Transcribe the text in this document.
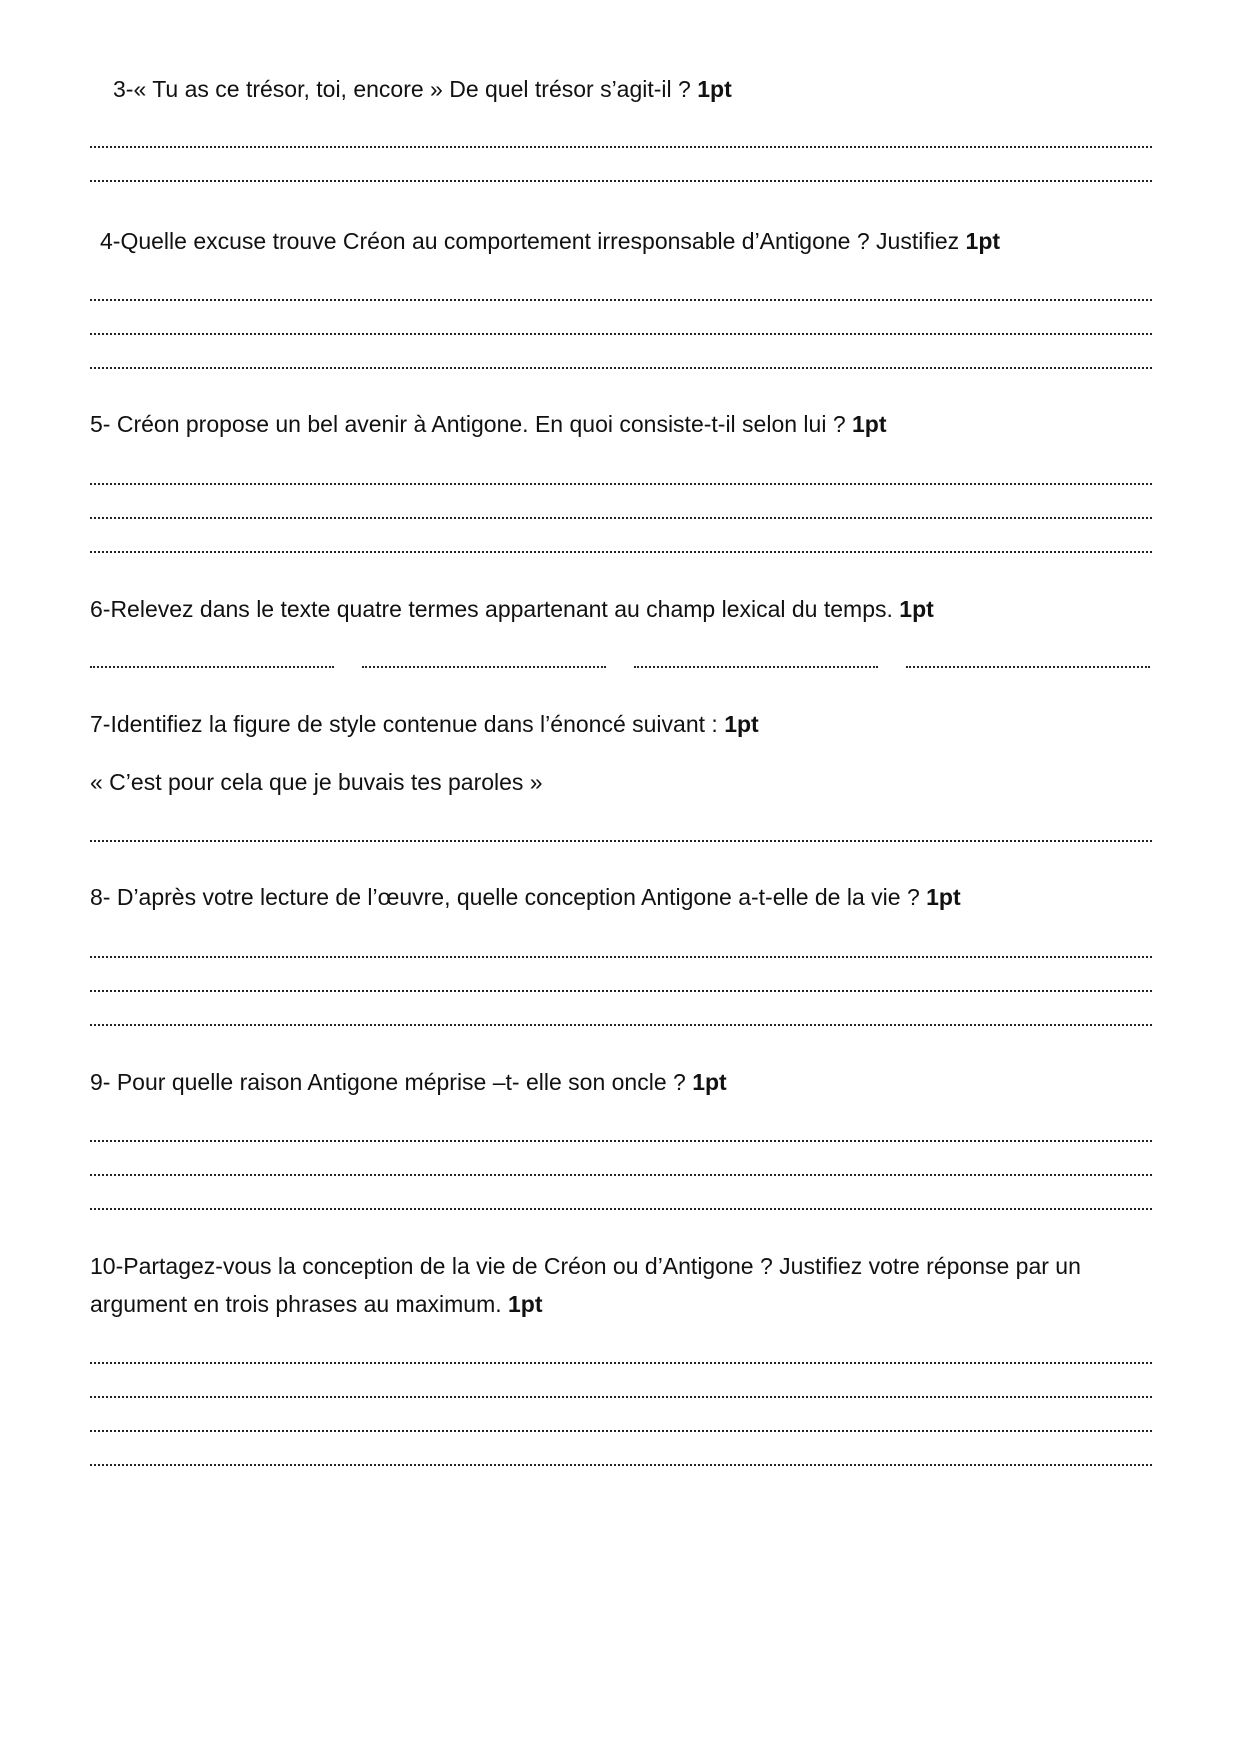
3-« Tu as ce trésor, toi, encore » De quel trésor s’agit-il ? 1pt
4-Quelle excuse trouve Créon au comportement irresponsable d’Antigone ? Justifiez 1pt
5- Créon propose un bel avenir à Antigone. En quoi consiste-t-il selon lui ? 1pt
6-Relevez dans le texte quatre termes appartenant au champ lexical du temps. 1pt
7-Identifiez la figure de style contenue dans l’énoncé suivant : 1pt
« C’est pour cela que je buvais tes paroles »
8- D’après votre lecture de l’œuvre, quelle conception Antigone a-t-elle de la vie ? 1pt
9- Pour quelle raison Antigone méprise –t- elle son oncle ? 1pt
10-Partagez-vous la conception de la vie de Créon ou d’Antigone ? Justifiez votre réponse par un argument en trois phrases au maximum. 1pt
